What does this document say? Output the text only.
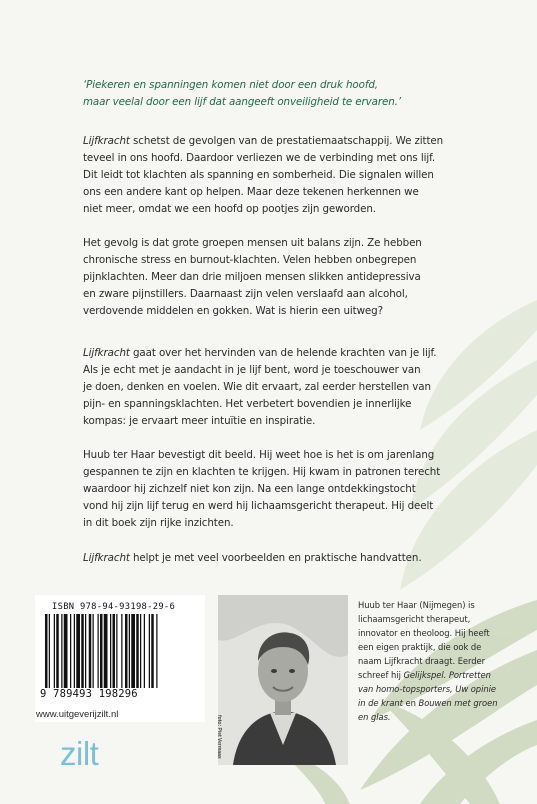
‘Piekeren en spanningen komen niet door een druk hoofd,
maar veelal door een lijf dat aangeeft onveiligheid te ervaren.’
Lijfkracht schetst de gevolgen van de prestatiemaatschappij. We zitten
teveel in ons hoofd. Daardoor verliezen we de verbinding met ons lijf.
Dit leidt tot klachten als spanning en somberheid. Die signalen willen
ons een andere kant op helpen. Maar deze tekenen herkennen we
niet meer, omdat we een hoofd op pootjes zijn geworden.
Het gevolg is dat grote groepen mensen uit balans zijn. Ze hebben
chronische stress en burnout-klachten. Velen hebben onbegrepen
pijnklachten. Meer dan drie miljoen mensen slikken antidepressiva
en zware pijnstillers. Daarnaast zijn velen verslaafd aan alcohol,
verdovende middelen en gokken. Wat is hierin een uitweg?
Lijfkracht gaat over het hervinden van de helende krachten van je lijf.
Als je echt met je aandacht in je lijf bent, word je toeschouwer van
je doen, denken en voelen. Wie dit ervaart, zal eerder herstellen van
pijn- en spanningsklachten. Het verbetert bovendien je innerlijke
kompas: je ervaart meer intuïtie en inspiratie.
Huub ter Haar bevestigt dit beeld. Hij weet hoe is het is om jarenlang
gespannen te zijn en klachten te krijgen. Hij kwam in patronen terecht
waardoor hij zichzelf niet kon zijn. Na een lange ontdekkingstocht
vond hij zijn lijf terug en werd hij lichaamsgericht therapeut. Hij deelt
in dit boek zijn rijke inzichten.
Lijfkracht helpt je met veel voorbeelden en praktische handvatten.
ISBN 978-94-93198-29-6
9 789493 198296
www.uitgeverijzilt.nl
zilt	foto: Piet Vermaas
Huub ter Haar (Nijmegen) is
lichaamsgericht therapeut,
innovator en theoloog. Hij heeft
een eigen praktijk, die ook de
naam Lijfkracht draagt. Eerder
schreef hij Gelijkspel. Portretten
van homo-topsporters, Uw opinie
in de krant en Bouwen met groen
en glas.
